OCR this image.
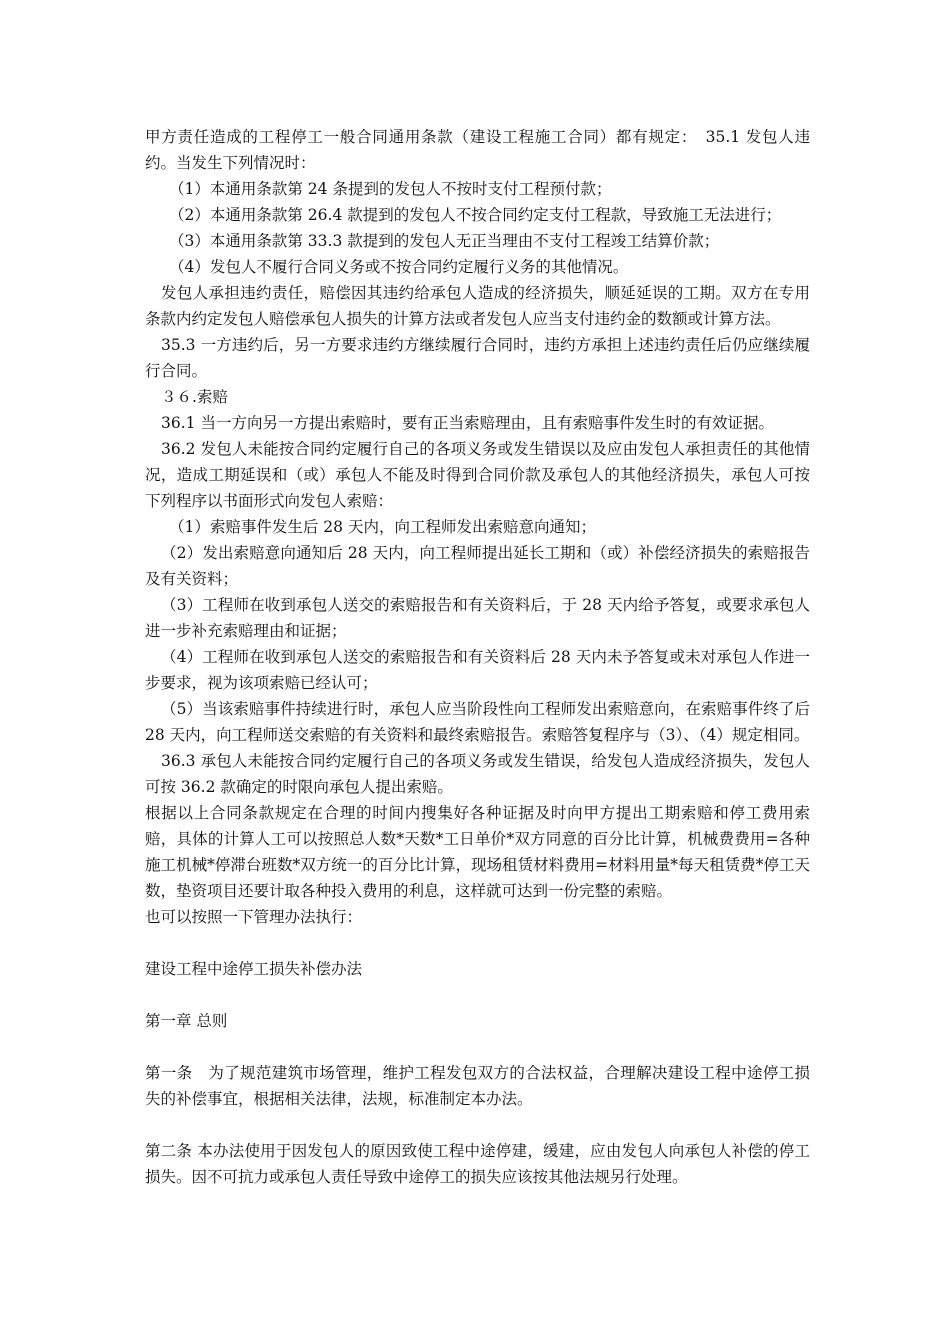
甲方责任造成的工程停工一般合同通用条款（建设工程施工合同）都有规定：　35.1 发包人违约。当发生下列情况时：

（1）本通用条款第 24 条提到的发包人不按时支付工程预付款；

（2）本通用条款第 26.4 款提到的发包人不按合同约定支付工程款，导致施工无法进行；

（3）本通用条款第 33.3 款提到的发包人无正当理由不支付工程竣工结算价款；

（4）发包人不履行合同义务或不按合同约定履行义务的其他情况。

发包人承担违约责任，赔偿因其违约给承包人造成的经济损失，顺延延误的工期。双方在专用条款内约定发包人赔偿承包人损失的计算方法或者发包人应当支付违约金的数额或计算方法。

35.3 一方违约后，另一方要求违约方继续履行合同时，违约方承担上述违约责任后仍应继续履行合同。

３６.索赔

36.1 当一方向另一方提出索赔时，要有正当索赔理由，且有索赔事件发生时的有效证据。

36.2 发包人未能按合同约定履行自己的各项义务或发生错误以及应由发包人承担责任的其他情况，造成工期延误和（或）承包人不能及时得到合同价款及承包人的其他经济损失，承包人可按下列程序以书面形式向发包人索赔：

（1）索赔事件发生后 28 天内，向工程师发出索赔意向通知；

（2）发出索赔意向通知后 28 天内，向工程师提出延长工期和（或）补偿经济损失的索赔报告及有关资料；

（3）工程师在收到承包人送交的索赔报告和有关资料后，于 28 天内给予答复，或要求承包人进一步补充索赔理由和证据；

（4）工程师在收到承包人送交的索赔报告和有关资料后 28 天内未予答复或未对承包人作进一步要求，视为该项索赔已经认可；

（5）当该索赔事件持续进行时，承包人应当阶段性向工程师发出索赔意向，在索赔事件终了后 28 天内，向工程师送交索赔的有关资料和最终索赔报告。索赔答复程序与（3）、（4）规定相同。

36.3 承包人未能按合同约定履行自己的各项义务或发生错误，给发包人造成经济损失，发包人可按 36.2 款确定的时限向承包人提出索赔。

根据以上合同条款规定在合理的时间内搜集好各种证据及时向甲方提出工期索赔和停工费用索赔，具体的计算人工可以按照总人数*天数*工日单价*双方同意的百分比计算，机械费费用=各种施工机械*停滞台班数*双方统一的百分比计算，现场租赁材料费用=材料用量*每天租赁费*停工天数，垫资项目还要计取各种投入费用的利息，这样就可达到一份完整的索赔。

也可以按照一下管理办法执行：

建设工程中途停工损失补偿办法

第一章 总则

第一条　为了规范建筑市场管理，维护工程发包双方的合法权益，合理解决建设工程中途停工损失的补偿事宜，根据相关法律，法规，标准制定本办法。

第二条 本办法使用于因发包人的原因致使工程中途停建，缓建，应由发包人向承包人补偿的停工损失。因不可抗力或承包人责任导致中途停工的损失应该按其他法规另行处理。
